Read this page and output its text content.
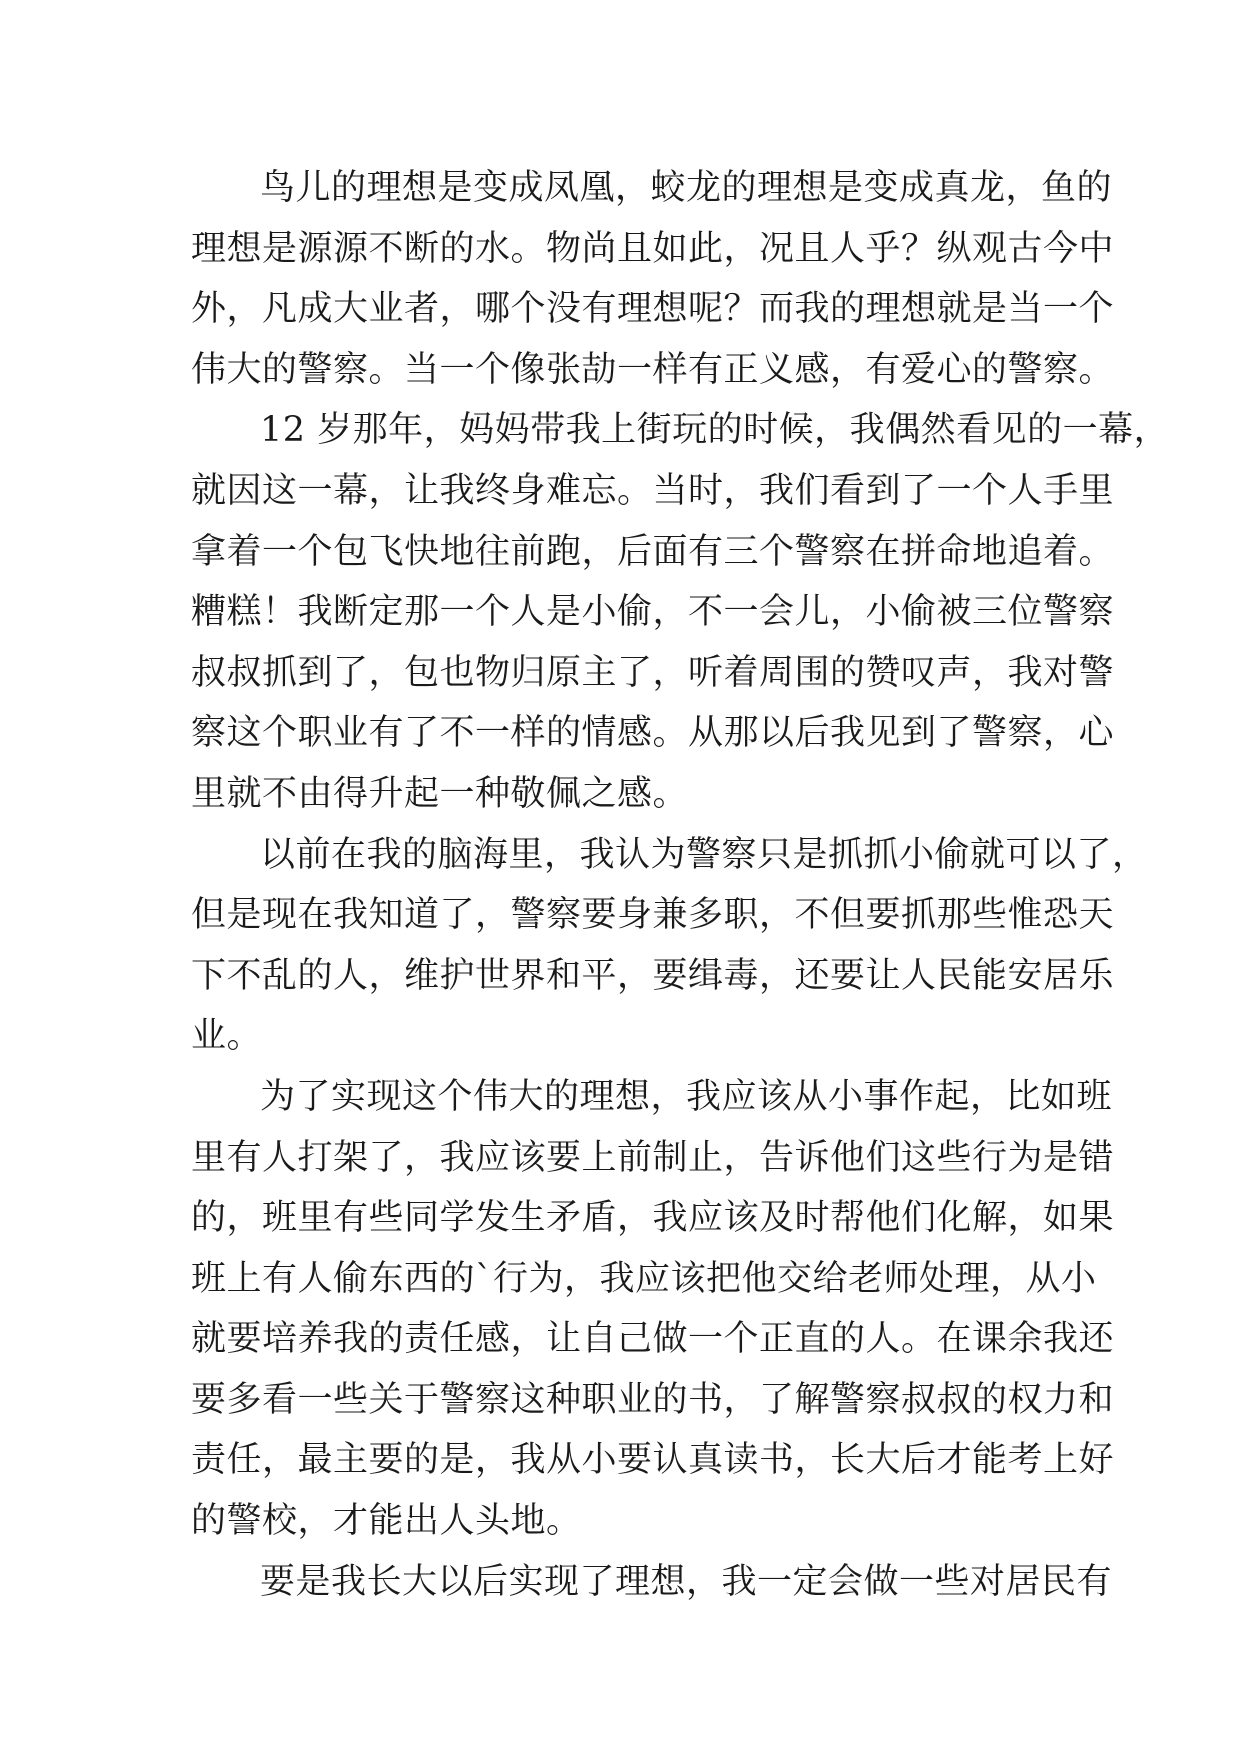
鸟儿的理想是变成凤凰，蛟龙的理想是变成真龙，鱼的
理想是源源不断的水。物尚且如此，况且人乎？纵观古今中
外，凡成大业者，哪个没有理想呢？而我的理想就是当一个
伟大的警察。当一个像张劼一样有正义感，有爱心的警察。
12 岁那年，妈妈带我上街玩的时候，我偶然看见的一幕，
就因这一幕，让我终身难忘。当时，我们看到了一个人手里
拿着一个包飞快地往前跑，后面有三个警察在拼命地追着。
糟糕！我断定那一个人是小偷，不一会儿，小偷被三位警察
叔叔抓到了，包也物归原主了，听着周围的赞叹声，我对警
察这个职业有了不一样的情感。从那以后我见到了警察，心
里就不由得升起一种敬佩之感。
以前在我的脑海里，我认为警察只是抓抓小偷就可以了，
但是现在我知道了，警察要身兼多职，不但要抓那些惟恐天
下不乱的人，维护世界和平，要缉毒，还要让人民能安居乐
业。
为了实现这个伟大的理想，我应该从小事作起，比如班
里有人打架了，我应该要上前制止，告诉他们这些行为是错
的，班里有些同学发生矛盾，我应该及时帮他们化解，如果
班上有人偷东西的`行为，我应该把他交给老师处理，从小
就要培养我的责任感，让自己做一个正直的人。在课余我还
要多看一些关于警察这种职业的书，了解警察叔叔的权力和
责任，最主要的是，我从小要认真读书，长大后才能考上好
的警校，才能出人头地。
要是我长大以后实现了理想，我一定会做一些对居民有
